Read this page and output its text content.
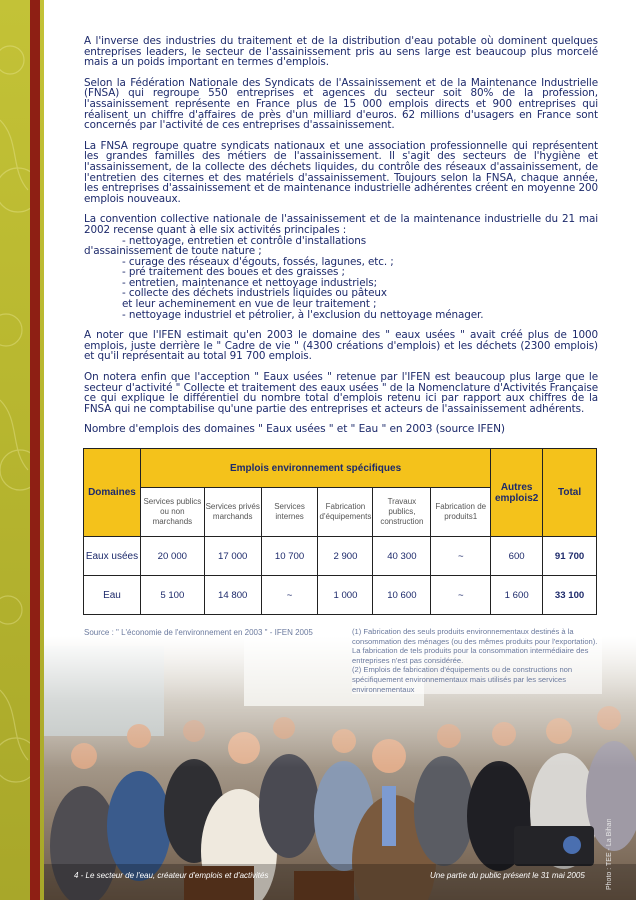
A l'inverse des industries du traitement et de la distribution d'eau potable où dominent quelques entreprises leaders, le secteur de l'assainissement pris au sens large est beaucoup plus morcelé mais a un poids important en termes d'emplois.

Selon la Fédération Nationale des Syndicats de l'Assainissement et de la Maintenance Industrielle (FNSA) qui regroupe 550 entreprises et agences du secteur soit 80% de la profession, l'assainissement représente en France plus de 15 000 emplois directs et 900 entreprises qui réalisent un chiffre d'affaires de près d'un milliard d'euros. 62 millions d'usagers en France sont concernés par l'activité de ces entreprises d'assainissement.

La FNSA regroupe quatre syndicats nationaux et une association professionnelle qui représentent les grandes familles des métiers de l'assainissement. Il s'agit des secteurs de l'hygiène et l'assainissement, de la collecte des déchets liquides, du contrôle des réseaux d'assainissement, de l'entretien des citernes et des matériels d'assainissement. Toujours selon la FNSA, chaque année, les entreprises d'assainissement et de maintenance industrielle adhérentes créent en moyenne 200 emplois nouveaux.

La convention collective nationale de l'assainissement et de la maintenance industrielle du 21 mai 2002 recense quant à elle six activités principales :
- nettoyage, entretien et contrôle d'installations
d'assainissement de toute nature ;
- curage des réseaux d'égouts, fossés, lagunes, etc. ;
- pré traitement des boues et des graisses ;
- entretien, maintenance et nettoyage industriels;
- collecte des déchets industriels liquides ou pâteux
et leur acheminement en vue de leur traitement ;
- nettoyage industriel et pétrolier, à l'exclusion du nettoyage ménager.

A noter que l'IFEN estimait qu'en 2003 le domaine des " eaux usées " avait créé plus de 1000 emplois, juste derrière le " Cadre de vie " (4300 créations d'emplois) et les déchets (2300 emplois) et qu'il représentait au total 91 700 emplois.

On notera enfin que l'acception " Eaux usées " retenue par l'IFEN est beaucoup plus large que le secteur d'activité " Collecte et traitement des eaux usées " de la Nomenclature d'Activités Française ce qui explique le différentiel du nombre total d'emplois retenu ici par rapport aux chiffres de la FNSA qui ne comptabilise qu'une partie des entreprises et acteurs de l'assainissement adhérents.

Nombre d'emplois des domaines " Eaux usées " et " Eau " en 2003 (source IFEN)
Domaines	Emplois environnement spécifiques						Autres emplois2	Total
	Services publics ou non marchands	Services privés marchands	Services internes	Fabrication d'équipements	Travaux publics, construction	Fabrication de produits1		
Eaux usées	20 000	17 000	10 700	2 900	40 300	~	600	91 700
Eau	5 100	14 800	~	1 000	10 600	~	1 600	33 100
Source : " L'économie de l'environnement en 2003 " - IFEN 2005	(1) Fabrication des seuls produits environnementaux destinés à la consommation des ménages (ou des mêmes produits pour l'exportation). La fabrication de tels produits pour la consommation intermédiaire des entreprises n'est pas considérée.
(2) Emplois de fabrication d'équipements ou de constructions non spécifiquement environnementaux mais utilisés par les services environnementaux
4 - Le secteur de l'eau, créateur d'emplois et d'activités	Une partie du public présent le 31 mai 2005	Photo : TEE - La Bihan
